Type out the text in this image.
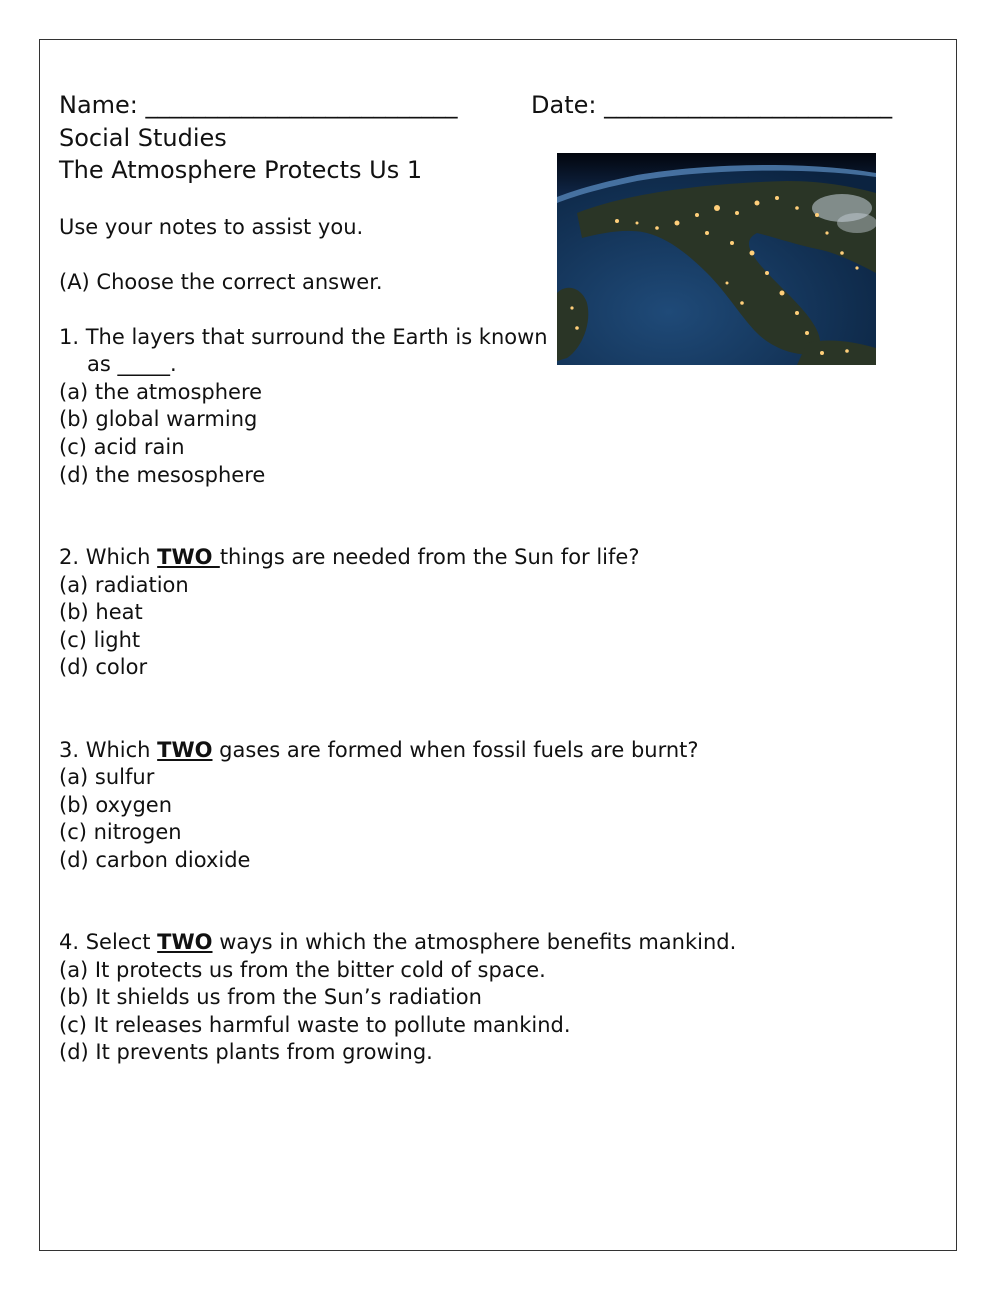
Name: __________________________	Date: ________________________
Social Studies
The Atmosphere Protects Us 1
Use your notes to assist you.
(A) Choose the correct answer.
1. The layers that surround the Earth is known
as _____.
(a) the atmosphere
(b) global warming
(c) acid rain
(d) the mesosphere
2. Which TWO things are needed from the Sun for life?
(a) radiation
(b) heat
(c) light
(d) color
3. Which TWO gases are formed when fossil fuels are burnt?
(a) sulfur
(b) oxygen
(c) nitrogen
(d) carbon dioxide
4. Select TWO ways in which the atmosphere benefits mankind.
(a) It protects us from the bitter cold of space.
(b) It shields us from the Sun’s radiation
(c) It releases harmful waste to pollute mankind.
(d) It prevents plants from growing.
